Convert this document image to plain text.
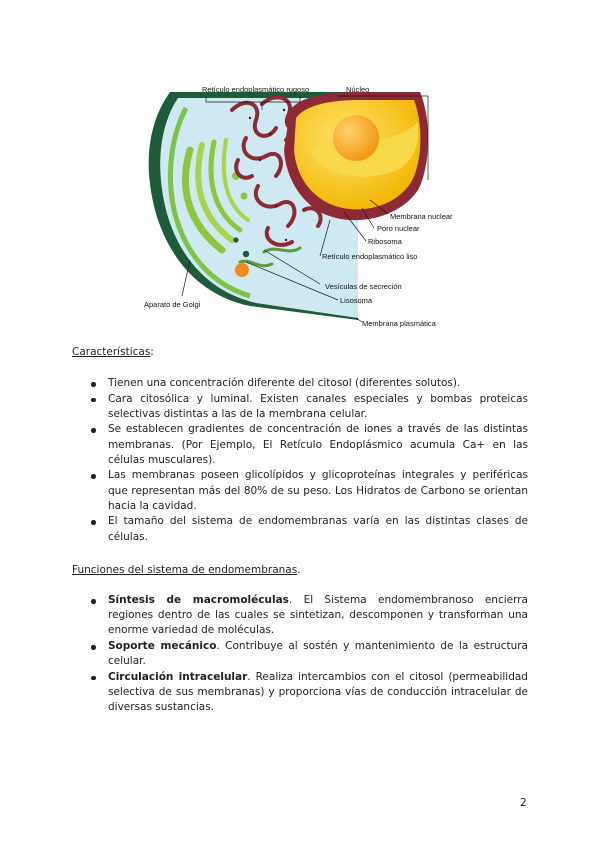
Retículo endoplasmático rugoso	Núcleo
Membrana nuclear
Poro nuclear
Ribosoma
Retículo endoplasmático liso
Vesículas de secreción
Lisosoma
Aparato de Golgi
Membrana plasmática
Características:
Tienen una concentración diferente del citosol (diferentes solutos).
Cara citosólica y luminal. Existen canales especiales y bombas proteicas selectivas distintas a las de la membrana celular.
Se establecen gradientes de concentración de iones a través de las distintas membranas. (Por Ejemplo, El Retículo Endoplásmico acumula Ca+ en las células musculares).
Las membranas poseen glicolípidos y glicoproteínas integrales y periféricas que representan más del 80% de su peso. Los Hidratos de Carbono se orientan hacia la cavidad.
El tamaño del sistema de endomembranas varía en las distintas clases de células.
Funciones del sistema de endomembranas.
Síntesis de macromoléculas. El Sistema endomembranoso encierra regiones dentro de las cuales se sintetizan, descomponen y transforman una enorme variedad de moléculas.
Soporte mecánico. Contribuye al sostén y mantenimiento de la estructura celular.
Circulación intracelular. Realiza intercambios con el citosol (permeabilidad selectiva de sus membranas) y proporciona vías de conducción intracelular de diversas sustancias.
2
